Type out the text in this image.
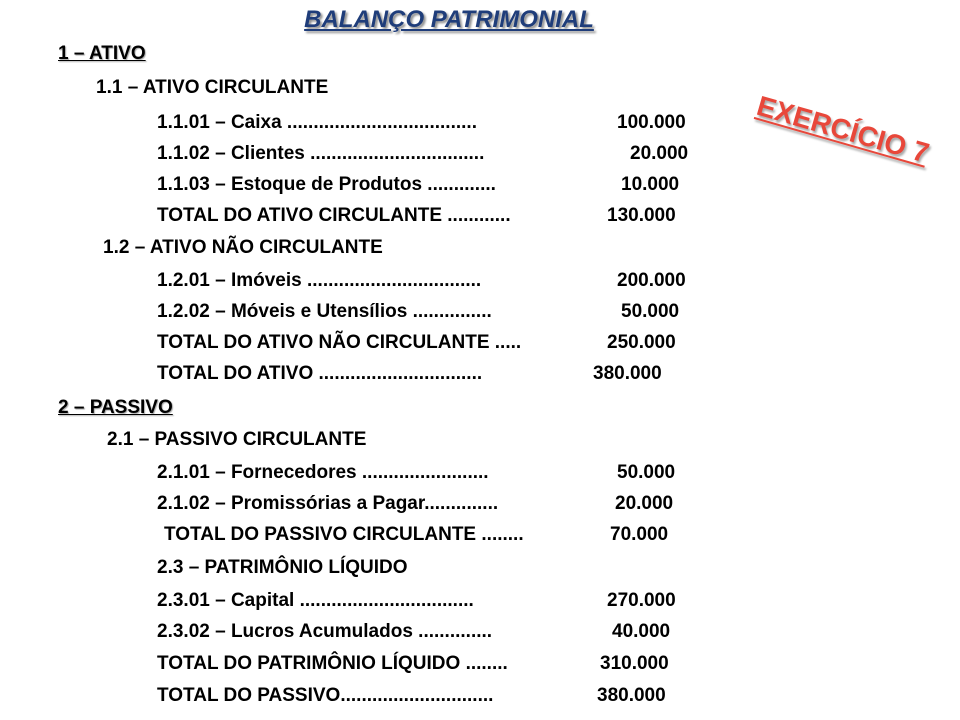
BALANÇO PATRIMONIAL
EXERCÍCIO 7
1 – ATIVO
1.1 – ATIVO CIRCULANTE
1.1.01 – Caixa ....................................	100.000
1.1.02 – Clientes .................................	20.000
1.1.03 – Estoque de Produtos .............	10.000
TOTAL DO ATIVO CIRCULANTE ............	130.000
1.2 – ATIVO NÃO CIRCULANTE
1.2.01 – Imóveis .................................	200.000
1.2.02 – Móveis e Utensílios ...............	50.000
TOTAL DO ATIVO NÃO CIRCULANTE .....	250.000
TOTAL DO ATIVO ...............................	380.000
2 – PASSIVO
2.1 – PASSIVO CIRCULANTE
2.1.01 – Fornecedores ........................	50.000
2.1.02 – Promissórias a Pagar..............	20.000
TOTAL DO PASSIVO CIRCULANTE ........	70.000
2.3 – PATRIMÔNIO LÍQUIDO
2.3.01 – Capital .................................	270.000
2.3.02 – Lucros Acumulados ..............	40.000
TOTAL DO PATRIMÔNIO LÍQUIDO ........	310.000
TOTAL DO PASSIVO.............................	380.000
